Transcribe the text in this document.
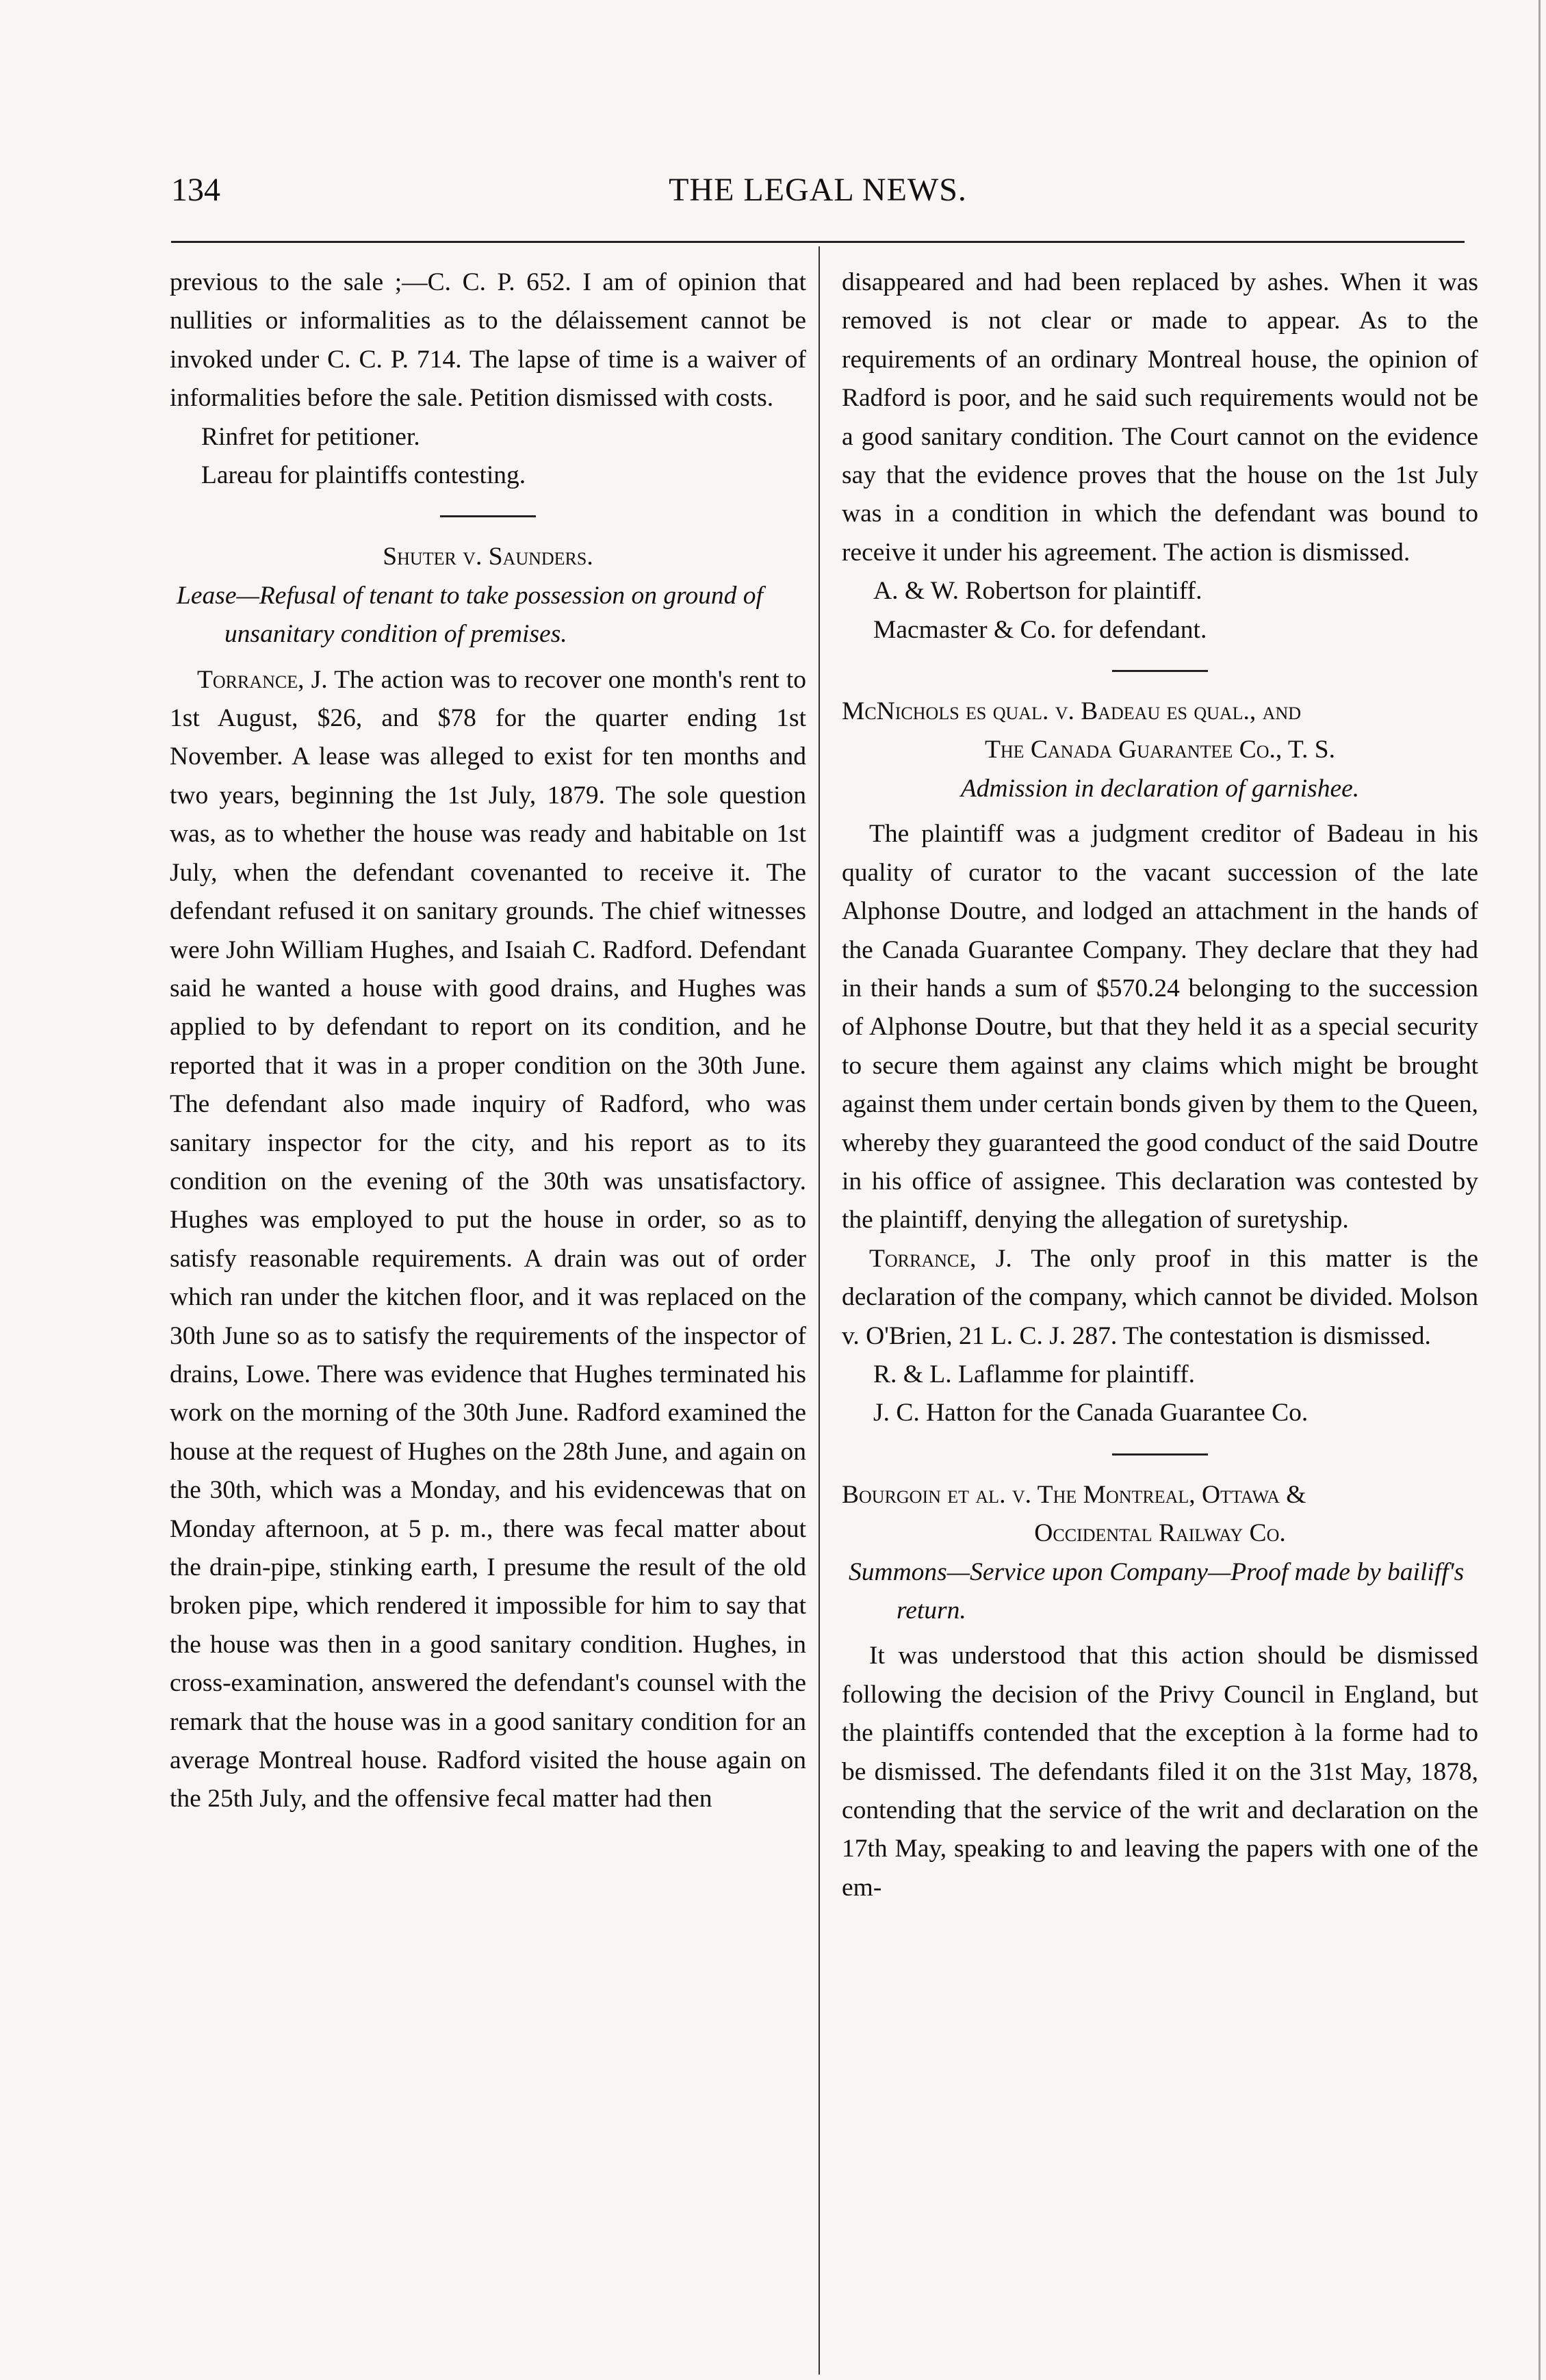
134	THE LEGAL NEWS.

previous to the sale ;—C. C. P. 652. I am of opinion that nullities or informalities as to the délaissement cannot be invoked under C. C. P. 714. The lapse of time is a waiver of informalities before the sale. Petition dismissed with costs.

Rinfret for petitioner.

Lareau for plaintiffs contesting.

Shuter v. Saunders.

Lease—Refusal of tenant to take possession on ground of unsanitary condition of premises.

Torrance, J. The action was to recover one month's rent to 1st August, $26, and $78 for the quarter ending 1st November. A lease was alleged to exist for ten months and two years, beginning the 1st July, 1879. The sole question was, as to whether the house was ready and habitable on 1st July, when the defendant covenanted to receive it. The defendant refused it on sanitary grounds. The chief witnesses were John William Hughes, and Isaiah C. Radford. Defendant said he wanted a house with good drains, and Hughes was applied to by defendant to report on its condition, and he reported that it was in a proper condition on the 30th June. The defendant also made inquiry of Radford, who was sanitary inspector for the city, and his report as to its condition on the evening of the 30th was unsatisfactory. Hughes was employed to put the house in order, so as to satisfy reasonable requirements. A drain was out of order which ran under the kitchen floor, and it was replaced on the 30th June so as to satisfy the requirements of the inspector of drains, Lowe. There was evidence that Hughes terminated his work on the morning of the 30th June. Radford examined the house at the request of Hughes on the 28th June, and again on the 30th, which was a Monday, and his evidencewas that on Monday afternoon, at 5 p. m., there was fecal matter about the drain-pipe, stinking earth, I presume the result of the old broken pipe, which rendered it impossible for him to say that the house was then in a good sanitary condition. Hughes, in cross-examination, answered the defendant's counsel with the remark that the house was in a good sanitary condition for an average Montreal house. Radford visited the house again on the 25th July, and the offensive fecal matter had then

disappeared and had been replaced by ashes. When it was removed is not clear or made to appear. As to the requirements of an ordinary Montreal house, the opinion of Radford is poor, and he said such requirements would not be a good sanitary condition. The Court cannot on the evidence say that the evidence proves that the house on the 1st July was in a condition in which the defendant was bound to receive it under his agreement. The action is dismissed.

A. & W. Robertson for plaintiff.

Macmaster & Co. for defendant.

McNichols es qual. v. Badeau es qual., and

The Canada Guarantee Co., T. S.

Admission in declaration of garnishee.

The plaintiff was a judgment creditor of Badeau in his quality of curator to the vacant succession of the late Alphonse Doutre, and lodged an attachment in the hands of the Canada Guarantee Company. They declare that they had in their hands a sum of $570.24 belonging to the succession of Alphonse Doutre, but that they held it as a special security to secure them against any claims which might be brought against them under certain bonds given by them to the Queen, whereby they guaranteed the good conduct of the said Doutre in his office of assignee. This declaration was contested by the plaintiff, denying the allegation of suretyship.

Torrance, J. The only proof in this matter is the declaration of the company, which cannot be divided. Molson v. O'Brien, 21 L. C. J. 287. The contestation is dismissed.

R. & L. Laflamme for plaintiff.

J. C. Hatton for the Canada Guarantee Co.

Bourgoin et al. v. The Montreal, Ottawa &

Occidental Railway Co.

Summons—Service upon Company—Proof made by bailiff's return.

It was understood that this action should be dismissed following the decision of the Privy Council in England, but the plaintiffs contended that the exception à la forme had to be dismissed. The defendants filed it on the 31st May, 1878, contending that the service of the writ and declaration on the 17th May, speaking to and leaving the papers with one of the em-
